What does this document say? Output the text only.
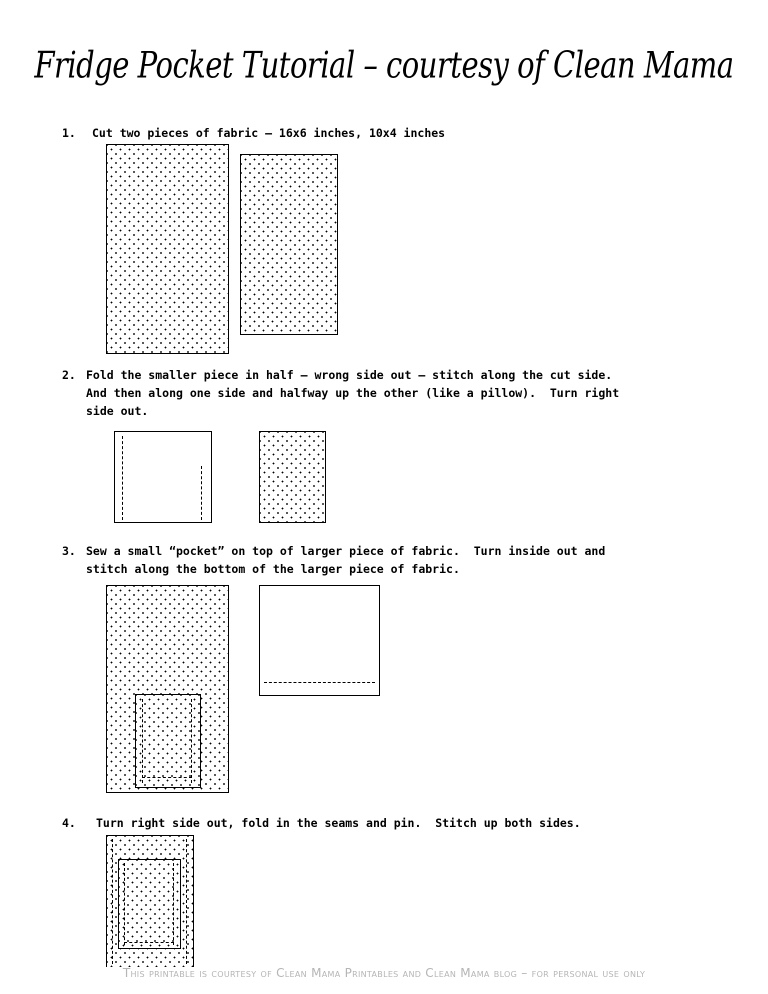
Fridge Pocket Tutorial – courtesy of Clean Mama
1. Cut two pieces of fabric – 16x6 inches, 10x4 inches
2. Fold the smaller piece in half – wrong side out – stitch along the cut side.
And then along one side and halfway up the other (like a pillow).  Turn right
side out.
3. Sew a small “pocket” on top of larger piece of fabric.  Turn inside out and
stitch along the bottom of the larger piece of fabric.
4. Turn right side out, fold in the seams and pin.  Stitch up both sides.
This printable is courtesy of Clean Mama Printables and Clean Mama blog – for personal use only
